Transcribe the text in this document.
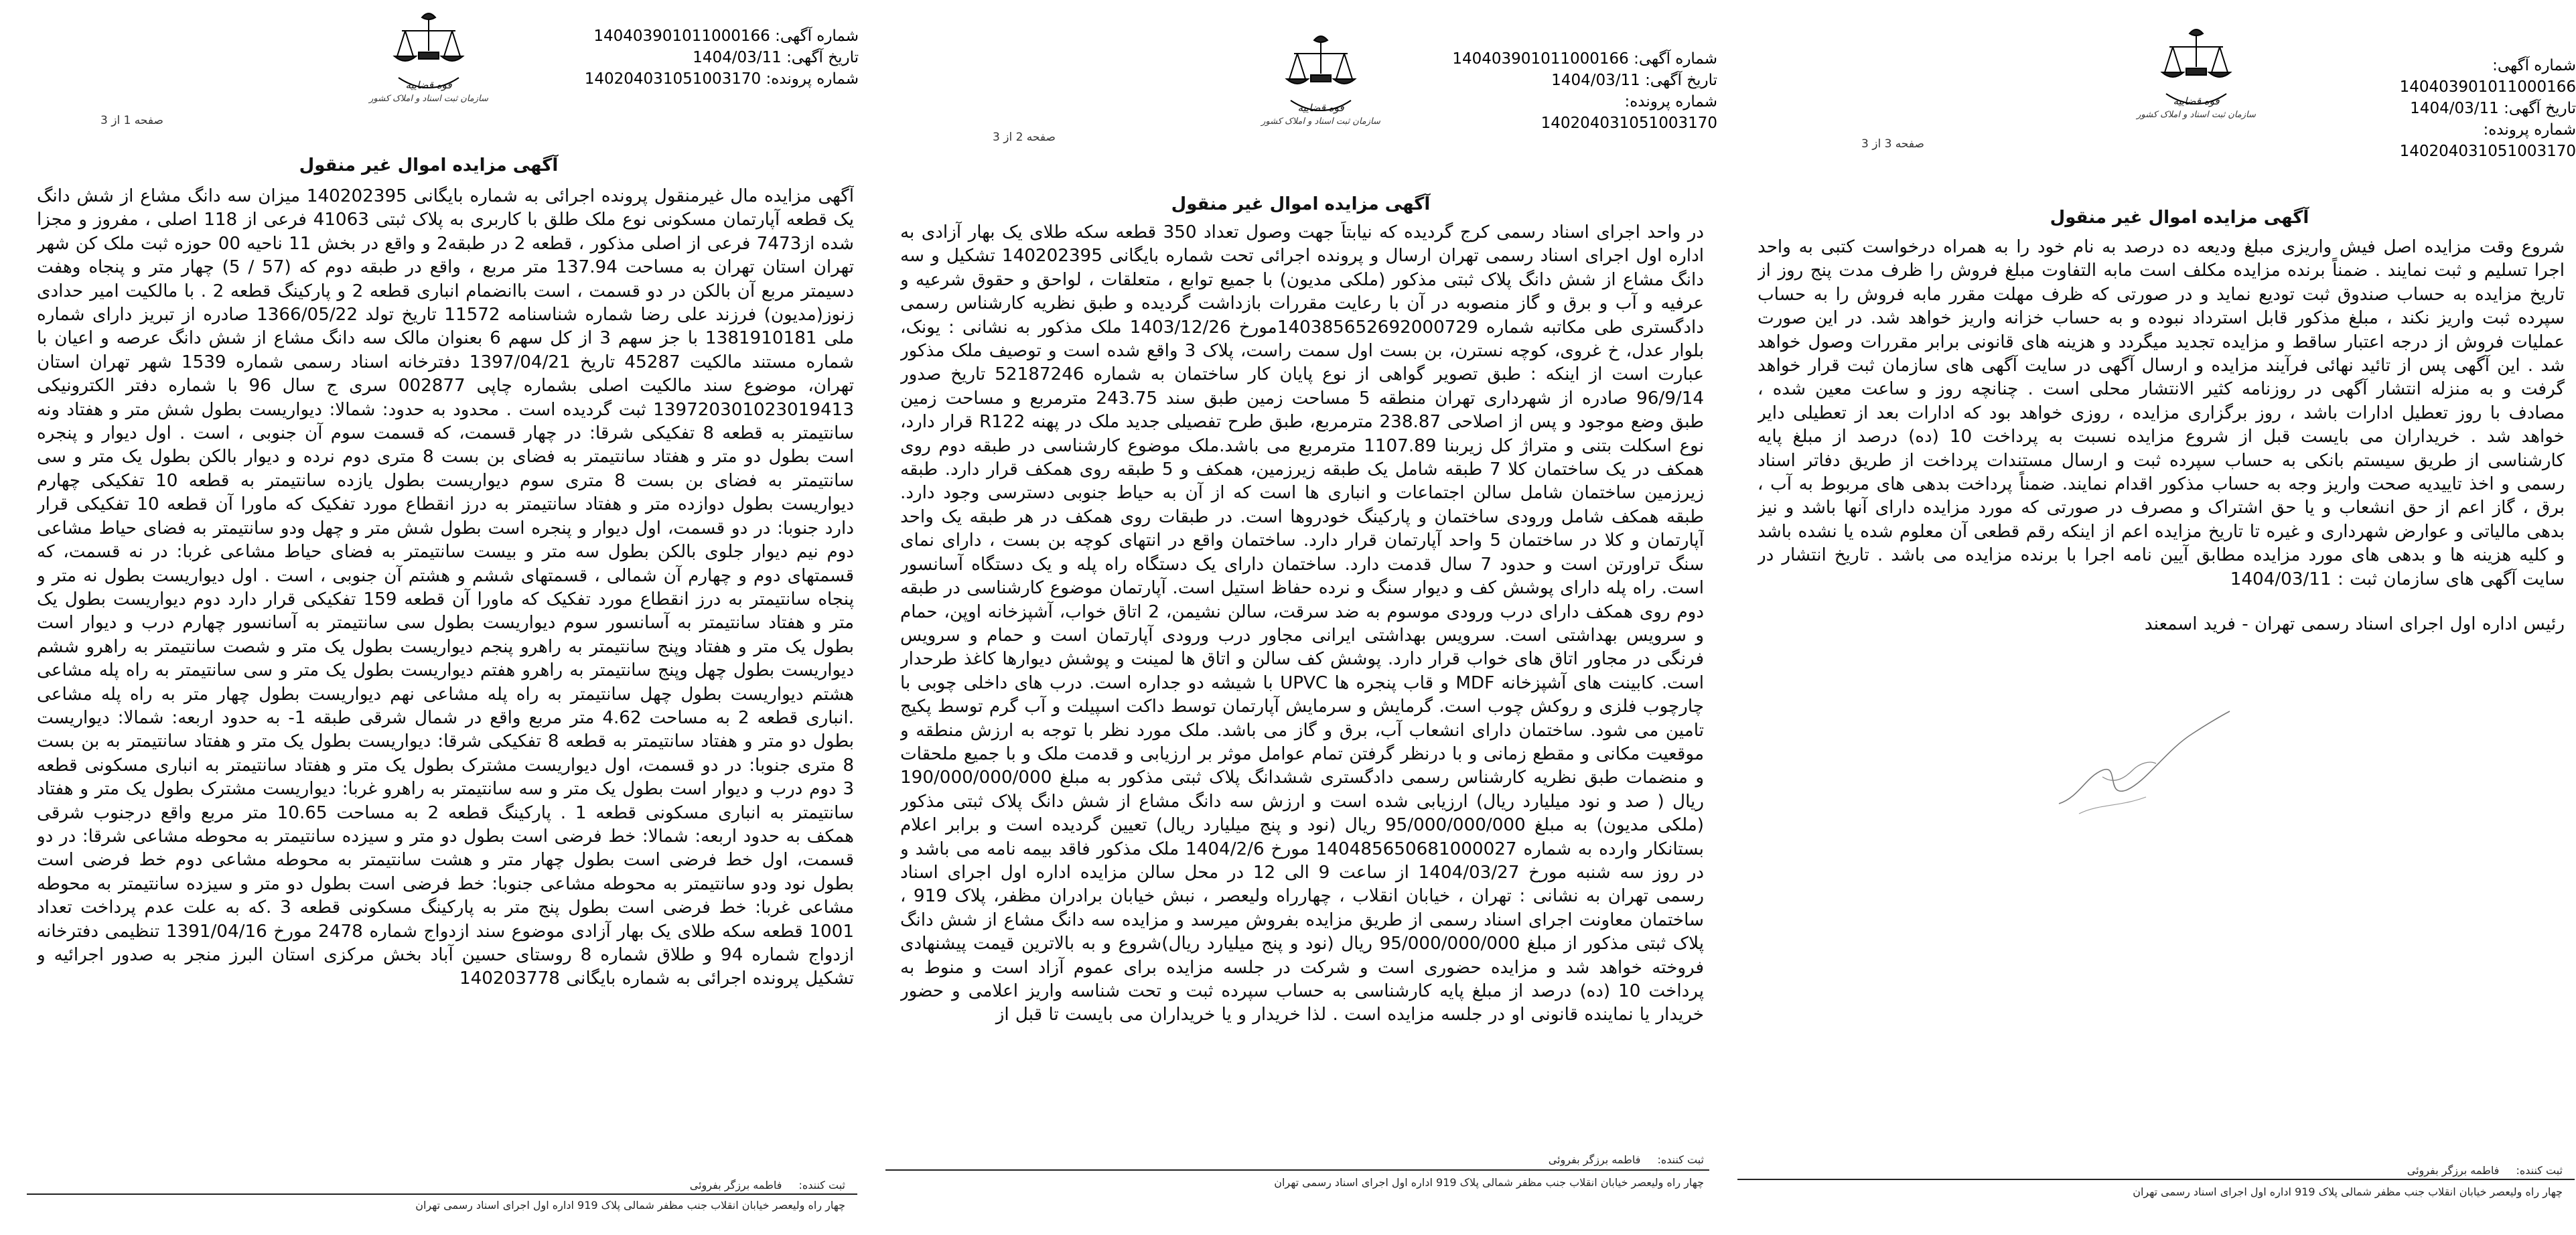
قوه قضاییه
سازمان ثبت اسناد و املاک کشور
شماره آگهی: 140403901011000166
تاریخ آگهی: 1404/03/11
شماره پرونده: 140204031051003170
صفحه 1 از 3
آگهی مزایده اموال غیر منقول

آگهی مزایده مال غیرمنقول پرونده اجرائی به شماره بایگانی 140202395 میزان سه دانگ مشاع از شش دانگ یک قطعه آپارتمان مسکونی نوع ملک طلق با کاربری به پلاک ثبتی 41063 فرعی از 118 اصلی ، مفروز و مجزا شده از7473 فرعی از اصلی مذکور ، قطعه 2 در طبقه2 و واقع در بخش 11 ناحیه 00 حوزه ثبت ملک کن شهر تهران استان تهران به مساحت 137.94 متر مربع ، واقع در طبقه دوم که (57 / 5) چهار متر و پنجاه وهفت دسیمتر مربع آن بالکن در دو قسمت ، است باانضمام انباری قطعه 2 و پارکینگ قطعه 2 . با مالکیت امیر حدادی زنوز(مدیون) فرزند علی رضا شماره شناسنامه 11572 تاریخ تولد 1366/05/22 صادره از تبریز دارای شماره ملی 1381910181 با جز سهم 3 از کل سهم 6 بعنوان مالک سه دانگ مشاع از شش دانگ عرصه و اعیان با شماره مستند مالکیت 45287 تاریخ 1397/04/21 دفترخانه اسناد رسمی شماره 1539 شهر تهران استان تهران، موضوع سند مالکیت اصلی بشماره چاپی 002877 سری ج سال 96 با شماره دفتر الکترونیکی 139720301023019413 ثبت گردیده است . محدود به حدود: شمالا: دیواریست بطول شش متر و هفتاد ونه سانتیمتر به قطعه 8 تفکیکی شرقا: در چهار قسمت، که قسمت سوم آن جنوبی ، است . اول دیوار و پنجره است بطول دو متر و هفتاد سانتیمتر به فضای بن بست 8 متری دوم نرده و دیوار بالکن بطول یک متر و سی سانتیمتر به فضای بن بست 8 متری سوم دیواریست بطول یازده سانتیمتر به قطعه 10 تفکیکی چهارم دیواریست بطول دوازده متر و هفتاد سانتیمتر به درز انقطاع مورد تفکیک که ماورا آن قطعه 10 تفکیکی قرار دارد جنوبا: در دو قسمت، اول دیوار و پنجره است بطول شش متر و چهل ودو سانتیمتر به فضای حیاط مشاعی دوم نیم دیوار جلوی بالکن بطول سه متر و بیست سانتیمتر به فضای حیاط مشاعی غربا: در نه قسمت، که قسمتهای دوم و چهارم آن شمالی ، قسمتهای ششم و هشتم آن جنوبی ، است . اول دیواریست بطول نه متر و پنجاه سانتیمتر به درز انقطاع مورد تفکیک که ماورا آن قطعه 159 تفکیکی قرار دارد دوم دیواریست بطول یک متر و هفتاد سانتیمتر به آسانسور سوم دیواریست بطول سی سانتیمتر به آسانسور چهارم درب و دیوار است بطول یک متر و هفتاد وپنج سانتیمتر به راهرو پنجم دیواریست بطول یک متر و شصت سانتیمتر به راهرو ششم دیواریست بطول چهل وپنج سانتیمتر به راهرو هفتم دیواریست بطول یک متر و سی سانتیمتر به راه پله مشاعی هشتم دیواریست بطول چهل سانتیمتر به راه پله مشاعی نهم دیواریست بطول چهار متر به راه پله مشاعی .انباری قطعه 2 به مساحت 4.62 متر مربع واقع در شمال شرقی طبقه 1- به حدود اربعه: شمالا: دیواریست بطول دو متر و هفتاد سانتیمتر به قطعه 8 تفکیکی شرقا: دیواریست بطول یک متر و هفتاد سانتیمتر به بن بست 8 متری جنوبا: در دو قسمت، اول دیواریست مشترک بطول یک متر و هفتاد سانتیمتر به انباری مسکونی قطعه 3 دوم درب و دیوار است بطول یک متر و سه سانتیمتر به راهرو غربا: دیواریست مشترک بطول یک متر و هفتاد سانتیمتر به انباری مسکونی قطعه 1 . پارکینگ قطعه 2 به مساحت 10.65 متر مربع واقع درجنوب شرقی همکف به حدود اربعه: شمالا: خط فرضی است بطول دو متر و سیزده سانتیمتر به محوطه مشاعی شرقا: در دو قسمت، اول خط فرضی است بطول چهار متر و هشت سانتیمتر به محوطه مشاعی دوم خط فرضی است بطول نود ودو سانتیمتر به محوطه مشاعی جنوبا: خط فرضی است بطول دو متر و سیزده سانتیمتر به محوطه مشاعی غربا: خط فرضی است بطول پنج متر به پارکینگ مسکونی قطعه 3 .که به علت عدم پرداخت تعداد 1001 قطعه سکه طلای یک بهار آزادی موضوع سند ازدواج شماره 2478 مورخ 1391/04/16 تنظیمی دفترخانه ازدواج شماره 94 و طلاق شماره 8 روستای حسین آباد بخش مرکزی استان البرز منجر به صدور اجرائیه و تشکیل پرونده اجرائی به شماره بایگانی 140203778

ثبت کننده: فاطمه برزگر بفروئی
چهار راه ولیعصر خیابان انقلاب جنب مظفر شمالی پلاک 919 اداره اول اجرای اسناد رسمی تهران
قوه قضاییه
سازمان ثبت اسناد و املاک کشور
شماره آگهی: 140403901011000166
تاریخ آگهی: 1404/03/11
شماره پرونده: 140204031051003170
صفحه 2 از 3
آگهی مزایده اموال غیر منقول

در واحد اجرای اسناد رسمی کرج گردیده که نیابتاً جهت وصول تعداد 350 قطعه سکه طلای یک بهار آزادی به اداره اول اجرای اسناد رسمی تهران ارسال و پرونده اجرائی تحت شماره بایگانی 140202395 تشکیل و سه دانگ مشاع از شش دانگ پلاک ثبتی مذکور (ملکی مدیون) با جمیع توابع ، متعلقات ، لواحق و حقوق شرعیه و عرفیه و آب و برق و گاز منصوبه در آن با رعایت مقررات بازداشت گردیده و طبق نظریه کارشناس رسمی دادگستری طی مکاتبه شماره 140385652692000729مورخ 1403/12/26 ملک مذکور به نشانی : یونک، بلوار عدل، خ غروی، کوچه نسترن، بن بست اول سمت راست، پلاک 3 واقع شده است و توصیف ملک مذکور عبارت است از اینکه : طبق تصویر گواهی از نوع پایان کار ساختمان به شماره 52187246 تاریخ صدور 96/9/14 صادره از شهرداری تهران منطقه 5 مساحت زمین طبق سند 243.75 مترمربع و مساحت زمین طبق وضع موجود و پس از اصلاحی 238.87 مترمربع، طبق طرح تفصیلی جدید ملک در پهنه R122 قرار دارد، نوع اسکلت بتنی و متراژ کل زیربنا 1107.89 مترمربع می باشد.ملک موضوع کارشناسی در طبقه دوم روی همکف در یک ساختمان کلا 7 طبقه شامل یک طبقه زیرزمین، همکف و 5 طبقه روی همکف قرار دارد. طبقه زیرزمین ساختمان شامل سالن اجتماعات و انباری ها است که از آن به حیاط جنوبی دسترسی وجود دارد. طبقه همکف شامل ورودی ساختمان و پارکینگ خودروها است. در طبقات روی همکف در هر طبقه یک واحد آپارتمان و کلا در ساختمان 5 واحد آپارتمان قرار دارد. ساختمان واقع در انتهای کوچه بن بست ، دارای نمای سنگ تراورتن است و حدود 7 سال قدمت دارد. ساختمان دارای یک دستگاه راه پله و یک دستگاه آسانسور است. راه پله دارای پوشش کف و دیوار سنگ و نرده حفاظ استیل است. آپارتمان موضوع کارشناسی در طبقه دوم روی همکف دارای درب ورودی موسوم به ضد سرقت، سالن نشیمن، 2 اتاق خواب، آشپزخانه اوپن، حمام و سرویس بهداشتی است. سرویس بهداشتی ایرانی مجاور درب ورودی آپارتمان است و حمام و سرویس فرنگی در مجاور اتاق های خواب قرار دارد. پوشش کف سالن و اتاق ها لمینت و پوشش دیوارها کاغذ طرحدار است. کابینت های آشپزخانه MDF و قاب پنجره ها UPVC با شیشه دو جداره است. درب های داخلی چوبی با چارچوب فلزی و روکش چوب است. گرمایش و سرمایش آپارتمان توسط داکت اسپیلت و آب گرم توسط پکیج تامین می شود. ساختمان دارای انشعاب آب، برق و گاز می باشد. ملک مورد نظر با توجه به ارزش منطقه و موقعیت مکانی و مقطع زمانی و با درنظر گرفتن تمام عوامل موثر بر ارزیابی و قدمت ملک و با جمیع ملحقات و منضمات طبق نظریه کارشناس رسمی دادگستری ششدانگ پلاک ثبتی مذکور به مبلغ 190/000/000/000 ریال ( صد و نود میلیارد ریال) ارزیابی شده است و ارزش سه دانگ مشاع از شش دانگ پلاک ثبتی مذکور (ملکی مدیون) به مبلغ 95/000/000/000 ریال (نود و پنج میلیارد ریال) تعیین گردیده است و برابر اعلام بستانکار وارده به شماره 140485650681000027 مورخ 1404/2/6 ملک مذکور فاقد بیمه نامه می باشد و در روز سه شنبه مورخ 1404/03/27 از ساعت 9 الی 12 در محل سالن مزایده اداره اول اجرای اسناد رسمی تهران به نشانی : تهران ، خیابان انقلاب ، چهارراه ولیعصر ، نبش خیابان برادران مظفر، پلاک 919 ، ساختمان معاونت اجرای اسناد رسمی از طریق مزایده بفروش میرسد و مزایده سه دانگ مشاع از شش دانگ پلاک ثبتی مذکور از مبلغ 95/000/000/000 ریال (نود و پنج میلیارد ریال)شروع و به بالاترین قیمت پیشنهادی فروخته خواهد شد و مزایده حضوری است و شرکت در جلسه مزایده برای عموم آزاد است و منوط به پرداخت 10 (ده) درصد از مبلغ پایه کارشناسی به حساب سپرده ثبت و تحت شناسه واریز اعلامی و حضور خریدار یا نماینده قانونی او در جلسه مزایده است . لذا خریدار و یا خریداران می بایست تا قبل از

ثبت کننده: فاطمه برزگر بفروئی
چهار راه ولیعصر خیابان انقلاب جنب مظفر شمالی پلاک 919 اداره اول اجرای اسناد رسمی تهران
قوه قضاییه
سازمان ثبت اسناد و املاک کشور
شماره آگهی: 140403901011000166
تاریخ آگهی: 1404/03/11
شماره پرونده: 140204031051003170
صفحه 3 از 3
آگهی مزایده اموال غیر منقول

شروع وقت مزایده اصل فیش واریزی مبلغ ودیعه ده درصد به نام خود را به همراه درخواست کتبی به واحد اجرا تسلیم و ثبت نمایند . ضمناً برنده مزایده مکلف است مابه التفاوت مبلغ فروش را ظرف مدت پنج روز از تاریخ مزایده به حساب صندوق ثبت تودیع نماید و در صورتی که ظرف مهلت مقرر مابه فروش را به حساب سپرده ثبت واریز نکند ، مبلغ مذکور قابل استرداد نبوده و به حساب خزانه واریز خواهد شد. در این صورت عملیات فروش از درجه اعتبار ساقط و مزایده تجدید میگردد و هزینه های قانونی برابر مقررات وصول خواهد شد . این آگهی پس از تائید نهائی فرآیند مزایده و ارسال آگهی در سایت آگهی های سازمان ثبت قرار خواهد گرفت و به منزله انتشار آگهی در روزنامه کثیر الانتشار محلی است . چنانچه روز و ساعت معین شده ، مصادف با روز تعطیل ادارات باشد ، روز برگزاری مزایده ، روزی خواهد بود که ادارات بعد از تعطیلی دایر خواهد شد . خریداران می بایست قبل از شروع مزایده نسبت به پرداخت 10 (ده) درصد از مبلغ پایه کارشناسی از طریق سیستم بانکی به حساب سپرده ثبت و ارسال مستندات پرداخت از طریق دفاتر اسناد رسمی و اخذ تاییدیه صحت واریز وجه به حساب مذکور اقدام نمایند. ضمناً پرداخت بدهی های مربوط به آب ، برق ، گاز اعم از حق انشعاب و یا حق اشتراک و مصرف در صورتی که مورد مزایده دارای آنها باشد و نیز بدهی مالیاتی و عوارض شهرداری و غیره تا تاریخ مزایده اعم از اینکه رقم قطعی آن معلوم شده یا نشده باشد و کلیه هزینه ها و بدهی های مورد مزایده مطابق آیین نامه اجرا با برنده مزایده می باشد . تاریخ انتشار در سایت آگهی های سازمان ثبت : 1404/03/11

رئیس اداره اول اجرای اسناد رسمی تهران - فرید اسمعند
ثبت کننده: فاطمه برزگر بفروئی
چهار راه ولیعصر خیابان انقلاب جنب مظفر شمالی پلاک 919 اداره اول اجرای اسناد رسمی تهران
